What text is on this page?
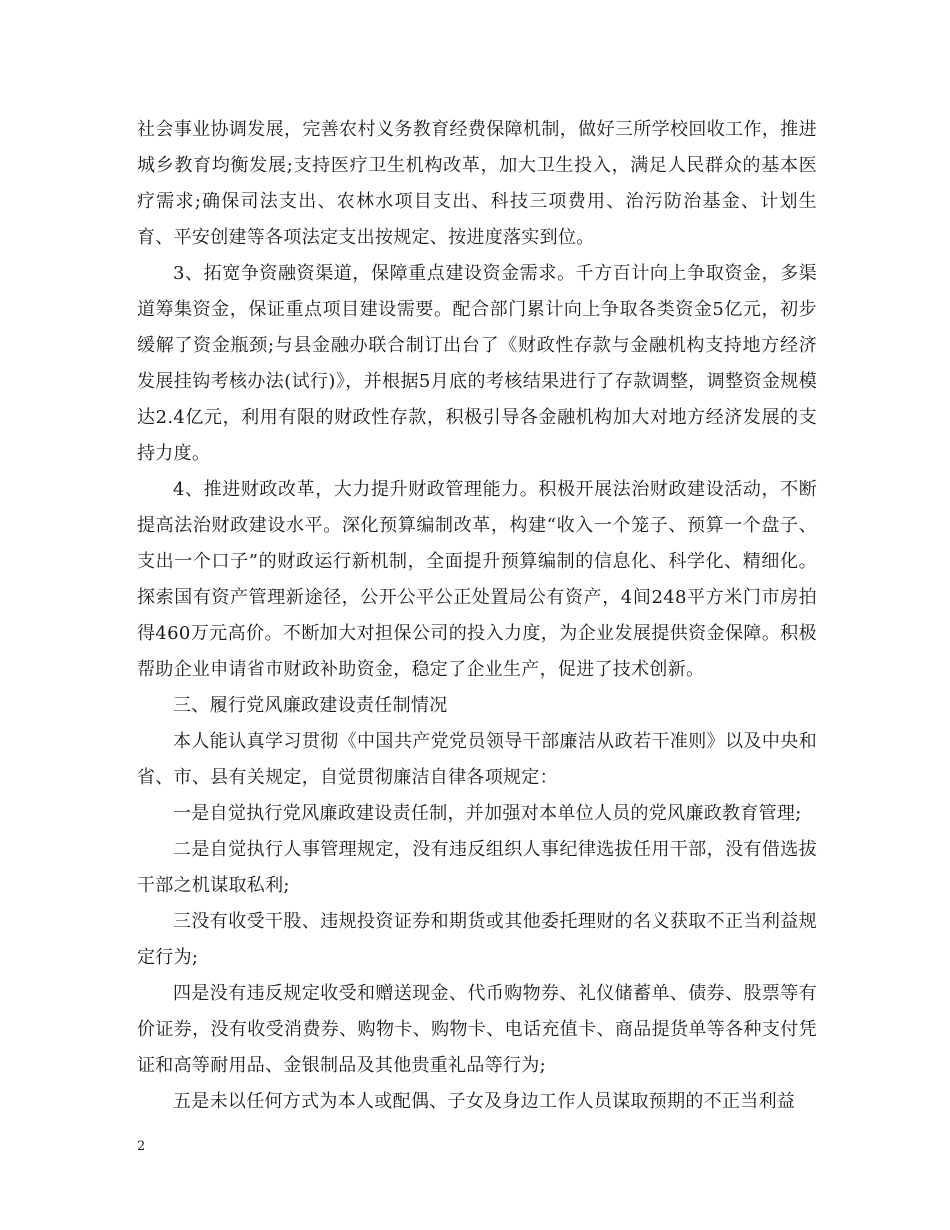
社会事业协调发展，完善农村义务教育经费保障机制，做好三所学校回收工作，推进城乡教育均衡发展;支持医疗卫生机构改革，加大卫生投入，满足人民群众的基本医疗需求;确保司法支出、农林水项目支出、科技三项费用、治污防治基金、计划生育、平安创建等各项法定支出按规定、按进度落实到位。

3、拓宽争资融资渠道，保障重点建设资金需求。千方百计向上争取资金，多渠道筹集资金，保证重点项目建设需要。配合部门累计向上争取各类资金5亿元，初步缓解了资金瓶颈;与县金融办联合制订出台了《财政性存款与金融机构支持地方经济发展挂钩考核办法(试行)》，并根据5月底的考核结果进行了存款调整，调整资金规模达2.4亿元，利用有限的财政性存款，积极引导各金融机构加大对地方经济发展的支持力度。

4、推进财政改革，大力提升财政管理能力。积极开展法治财政建设活动，不断提高法治财政建设水平。深化预算编制改革，构建“收入一个笼子、预算一个盘子、支出一个口子”的财政运行新机制，全面提升预算编制的信息化、科学化、精细化。探索国有资产管理新途径，公开公平公正处置局公有资产，4间248平方米门市房拍得460万元高价。不断加大对担保公司的投入力度，为企业发展提供资金保障。积极帮助企业申请省市财政补助资金，稳定了企业生产，促进了技术创新。

三、履行党风廉政建设责任制情况

本人能认真学习贯彻《中国共产党党员领导干部廉洁从政若干准则》以及中央和省、市、县有关规定，自觉贯彻廉洁自律各项规定：

一是自觉执行党风廉政建设责任制，并加强对本单位人员的党风廉政教育管理;

二是自觉执行人事管理规定，没有违反组织人事纪律选拔任用干部，没有借选拔干部之机谋取私利;

三没有收受干股、违规投资证券和期货或其他委托理财的名义获取不正当利益规定行为;

四是没有违反规定收受和赠送现金、代币购物券、礼仪储蓄单、债券、股票等有价证券，没有收受消费券、购物卡、购物卡、电话充值卡、商品提货单等各种支付凭证和高等耐用品、金银制品及其他贵重礼品等行为;

五是未以任何方式为本人或配偶、子女及身边工作人员谋取预期的不正当利益

2
